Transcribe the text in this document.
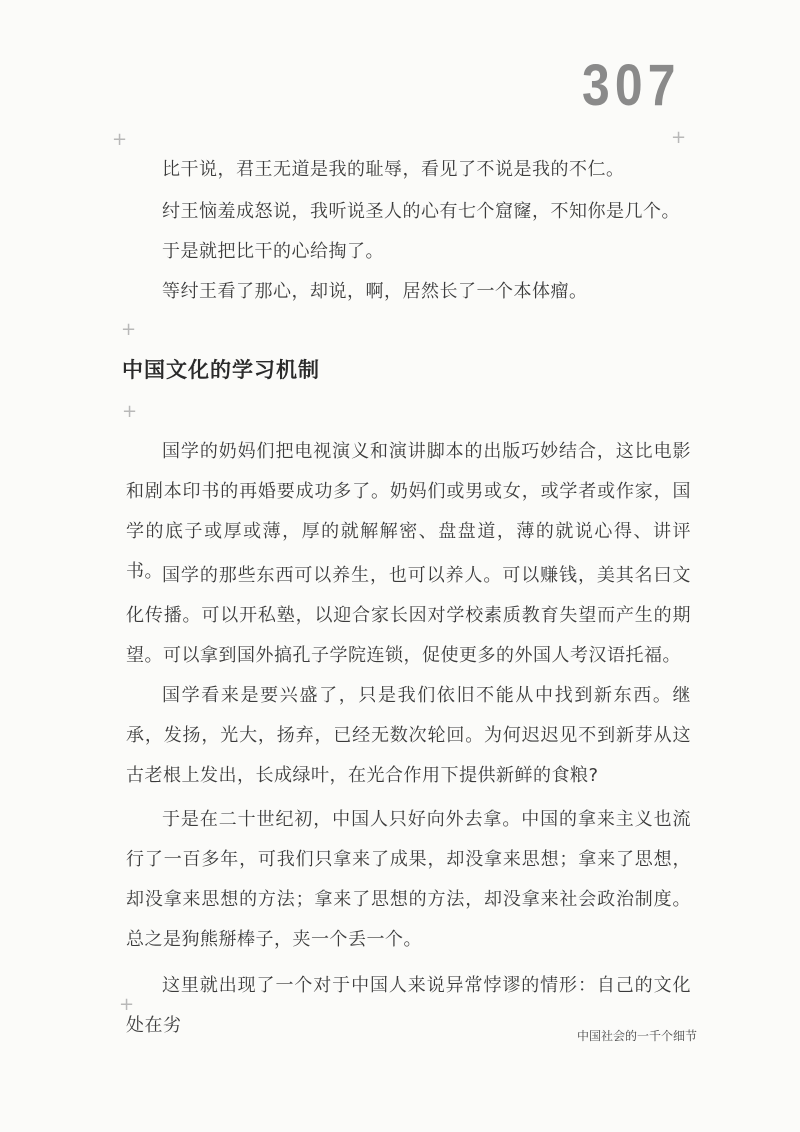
307
+	+
+
+
+

比干说，君王无道是我的耻辱，看见了不说是我的不仁。

纣王恼羞成怒说，我听说圣人的心有七个窟窿，不知你是几个。

于是就把比干的心给掏了。

等纣王看了那心，却说，啊，居然长了一个本体瘤。

中国文化的学习机制

国学的奶妈们把电视演义和演讲脚本的出版巧妙结合，这比电影和剧本印书的再婚要成功多了。奶妈们或男或女，或学者或作家，国学的底子或厚或薄，厚的就解解密、盘盘道，薄的就说心得、讲评书。 国学的那些东西可以养生，也可以养人。可以赚钱，美其名曰文化传播。可以开私塾，以迎合家长因对学校素质教育失望而产生的期望。可以拿到国外搞孔子学院连锁，促使更多的外国人考汉语托福。

国学看来是要兴盛了，只是我们依旧不能从中找到新东西。继承，发扬，光大，扬弃，已经无数次轮回。为何迟迟见不到新芽从这古老根上发出，长成绿叶，在光合作用下提供新鲜的食粮?

于是在二十世纪初，中国人只好向外去拿。中国的拿来主义也流行了一百多年，可我们只拿来了成果，却没拿来思想；拿来了思想，却没拿来思想的方法；拿来了思想的方法，却没拿来社会政治制度。总之是狗熊掰棒子，夹一个丢一个。

这里就出现了一个对于中国人来说异常悖谬的情形：自己的文化处在劣	中国社会的一千个细节
